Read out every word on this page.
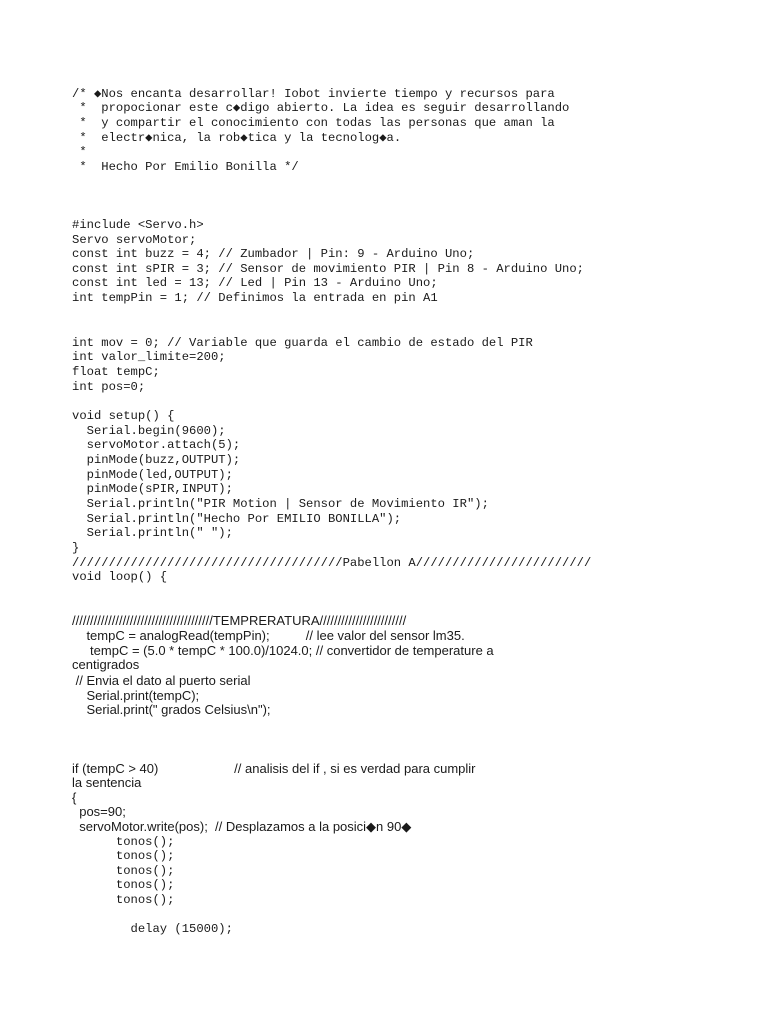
/* ◆Nos encanta desarrollar! Iobot invierte tiempo y recursos para
*  propocionar este c◆digo abierto. La idea es seguir desarrollando
*  y compartir el conocimiento con todas las personas que aman la
*  electr◆nica, la rob◆tica y la tecnolog◆a.
*
*  Hecho Por Emilio Bonilla */
#include <Servo.h>
Servo servoMotor;
const int buzz = 4; // Zumbador | Pin: 9 - Arduino Uno;
const int sPIR = 3; // Sensor de movimiento PIR | Pin 8 - Arduino Uno;
const int led = 13; // Led | Pin 13 - Arduino Uno;
int tempPin = 1; // Definimos la entrada en pin A1
int mov = 0; // Variable que guarda el cambio de estado del PIR
int valor_limite=200;
float tempC;
int pos=0;
void setup() {
Serial.begin(9600);
servoMotor.attach(5);
pinMode(buzz,OUTPUT);
pinMode(led,OUTPUT);
pinMode(sPIR,INPUT);
Serial.println("PIR Motion | Sensor de Movimiento IR");
Serial.println("Hecho Por EMILIO BONILLA");
Serial.println(" ");
}
/////////////////////////////////////Pabellon A////////////////////////
void loop() {
///////////////////////////////////////TEMPRERATURA////////////////////////
tempC = analogRead(tempPin);          // lee valor del sensor lm35.
tempC = (5.0 * tempC * 100.0)/1024.0; // convertidor de temperature a
centigrados
// Envia el dato al puerto serial
Serial.print(tempC);
Serial.print(" grados Celsius\n");
if (tempC > 40)                     // analisis del if , si es verdad para cumplir
la sentencia
{
pos=90;
servoMotor.write(pos);  // Desplazamos a la posici◆n 90◆
tonos();
tonos();
tonos();
tonos();
tonos();
delay (15000);
